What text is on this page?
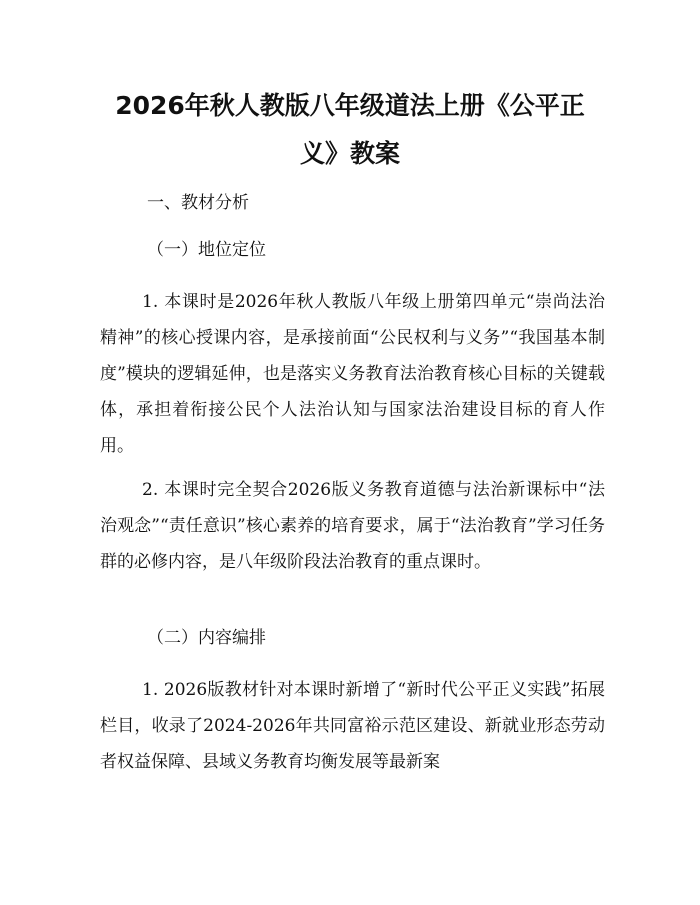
2026年秋人教版八年级道法上册《公平正义》教案

一、教材分析

（一）地位定位

1. 本课时是2026年秋人教版八年级上册第四单元“崇尚法治精神”的核心授课内容，是承接前面“公民权利与义务”“我国基本制度”模块的逻辑延伸，也是落实义务教育法治教育核心目标的关键载体，承担着衔接公民个人法治认知与国家法治建设目标的育人作用。

2. 本课时完全契合2026版义务教育道德与法治新课标中“法治观念”“责任意识”核心素养的培育要求，属于“法治教育”学习任务群的必修内容，是八年级阶段法治教育的重点课时。

（二）内容编排

1. 2026版教材针对本课时新增了“新时代公平正义实践”拓展栏目，收录了2024-2026年共同富裕示范区建设、新就业形态劳动者权益保障、县域义务教育均衡发展等最新案
